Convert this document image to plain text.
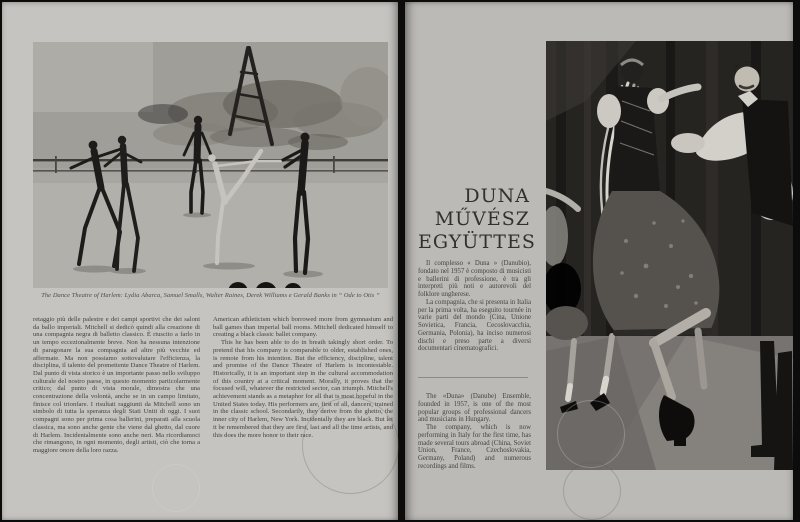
The Dance Theatre of Harlem: Lydia Abarca, Samuel Smalls, Walter Raines, Derek Williams e Gerald Banks in “ Ode to Otis ”

retaggio più delle palestre e dei campi sportivi che dei saloni da ballo imperiali. Mitchell si dedicò quindi alla creazione di una compagnia negra di balletto classico. È riuscito a farlo in un tempo eccezionalmente breve. Non ha nessuna intenzione di paragonare la sua compagnia ad altre più vecchie ed affermate. Ma non possiamo sottovalutare l'efficienza, la disciplina, il talento del promettente Dance Theatre of Harlem. Dal punto di vista storico è un importante passo nello sviluppo culturale del nostro paese, in questo momento particolarmente critico; dal punto di vista morale, dimostra che una concentrazione della volontà, anche se in un campo limitato, finisce col trionfare. I risultati raggiunti da Mitchell sono un simbolo di tutta la speranza degli Stati Uniti di oggi. I suoi compagni sono per prima cosa ballerini, preparati alla scuola classica, ma sono anche gente che viene dal ghetto, dal cuore di Harlem. Incidentalmente sono anche neri. Ma ricordiamoci che rimangono, in ogni momento, degli artisti, ciò che torna a maggiore onore della loro razza.

American athleticism which borrowed more from gymnasium and ball games than imperial ball rooms. Mitchell dedicated himself to creating a black classic ballet company.

This he has been able to do in breath takingly short order. To pretend that his company is comparable to older, established ones, is remote from his intention. But the efficiency, discipline, talent and promise of the Dance Theatre of Harlem is incontestable. Historically, it is an important step in the cultural accommodation of this country at a critical moment. Morally, it proves that the focused will, whatever the restricted sector, can triumph. Mitchell's achievement stands as a metaphor for all that is most hopeful in the United States today. His performers are, first of all, dancers, trained in the classic school. Secondarily, they derive from the ghetto, the inner city of Harlem, New York. Incidentally they are black. But let it be remembered that they are first, last and all the time artists, and this does the more honor to their race.

DUNA
MŰVÉSZ
EGYÜTTES

Il complesso « Duna » (Danubio), fondato nel 1957 è composto di musicisti e ballerini di professione, è tra gli interpreti più noti e autorevoli del folklore ungherese.

La compagnia, che si presenta in Italia per la prima volta, ha eseguito tournée in varie parti del mondo (Cina, Unione Sovietica, Francia, Cecoslovacchia, Germania, Polonia), ha inciso numerosi dischi e preso parte a diversi documentari cinematografici.

The «Duna» (Danube) Ensemble, founded in 1957, is one of the most popular groups of professional dancers and musicians in Hungary.

The company, which is now performing in Italy for the first time, has made several tours abroad (China, Soviet Union, France, Czechoslovakia, Germany, Poland) and numerous recordings and films.
